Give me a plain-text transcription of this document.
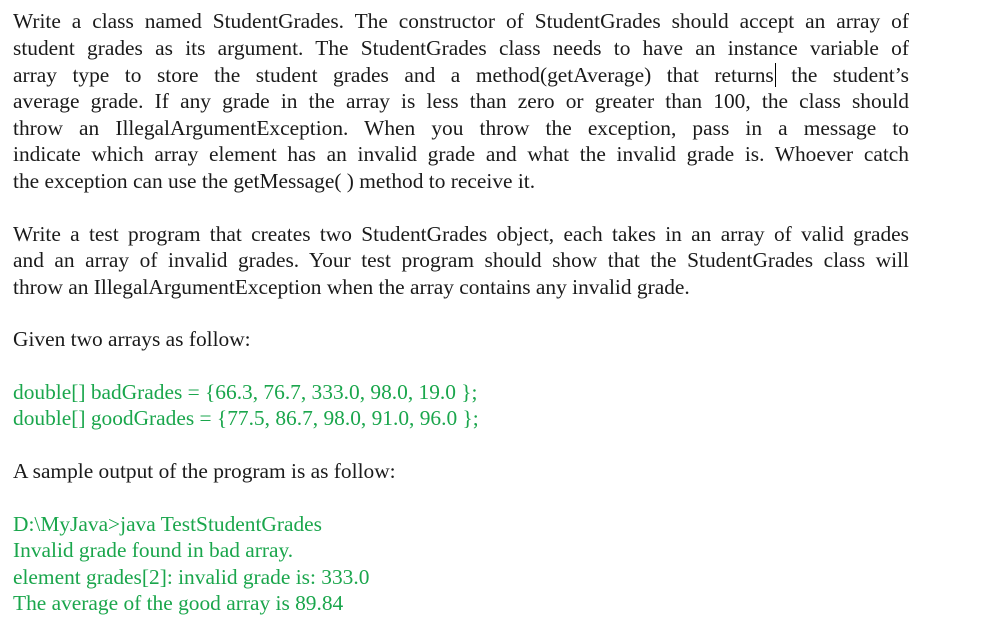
Write a class named StudentGrades. The constructor of StudentGrades should accept an array of
student grades as its argument. The StudentGrades class needs to have an instance variable of
array type to store the student grades and a method(getAverage) that returns the student’s
average grade. If any grade in the array is less than zero or greater than 100, the class should
throw an IllegalArgumentException. When you throw the exception, pass in a message to
indicate which array element has an invalid grade and what the invalid grade is. Whoever catch
the exception can use the getMessage( ) method to receive it.
Write a test program that creates two StudentGrades object, each takes in an array of valid grades
and an array of invalid grades. Your test program should show that the StudentGrades class will
throw an IllegalArgumentException when the array contains any invalid grade.
Given two arrays as follow:
double[] badGrades = {66.3, 76.7, 333.0, 98.0, 19.0 };
double[] goodGrades = {77.5, 86.7, 98.0, 91.0, 96.0 };
A sample output of the program is as follow:
D:\MyJava>java TestStudentGrades
Invalid grade found in bad array.
element grades[2]: invalid grade is: 333.0
The average of the good array is 89.84
